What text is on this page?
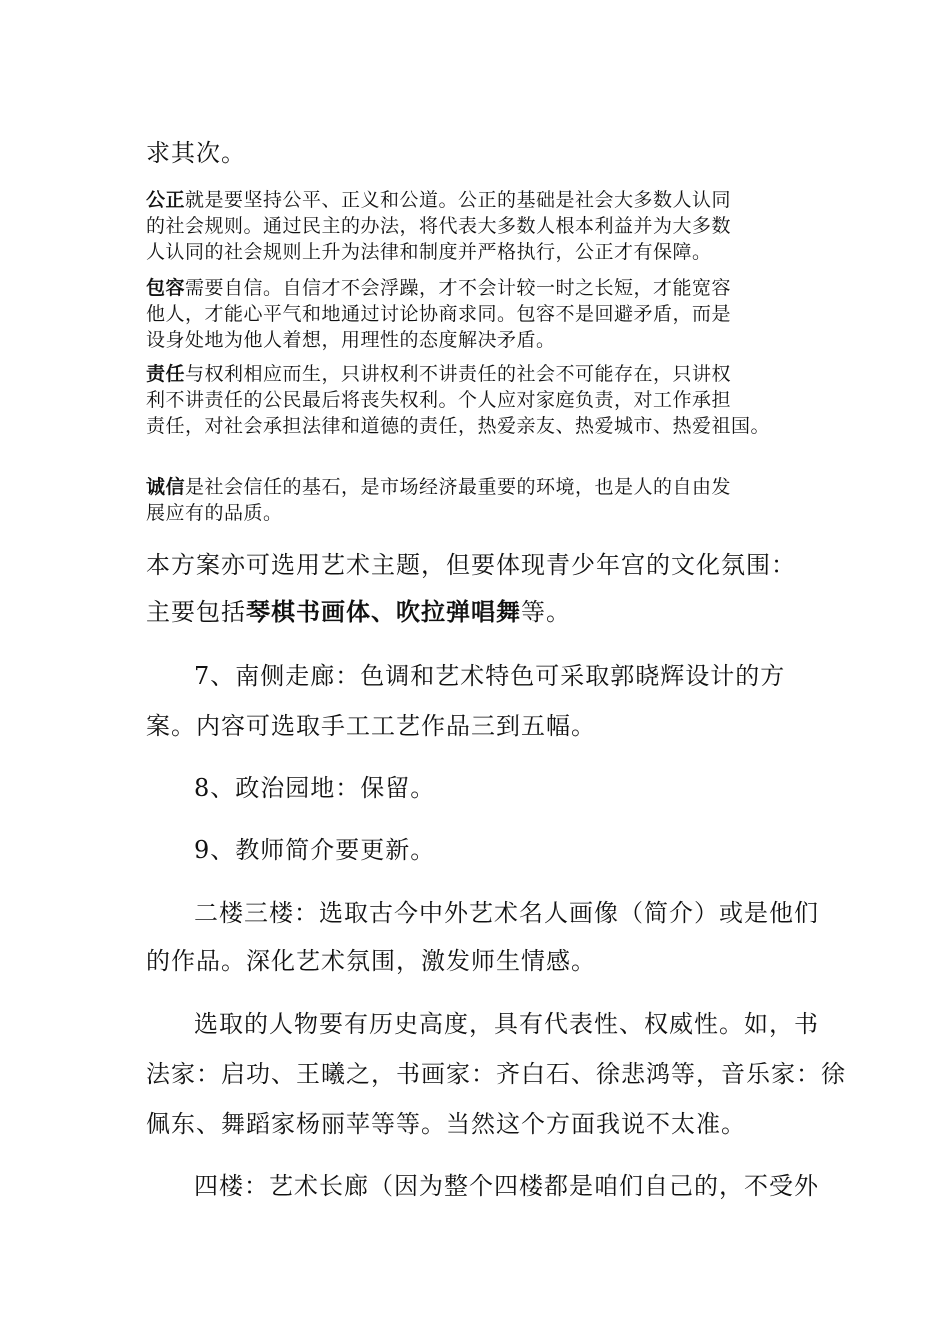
求其次。
公正就是要坚持公平、正义和公道。公正的基础是社会大多数人认同
的社会规则。通过民主的办法，将代表大多数人根本利益并为大多数
人认同的社会规则上升为法律和制度并严格执行，公正才有保障。
包容需要自信。自信才不会浮躁，才不会计较一时之长短，才能宽容
他人，才能心平气和地通过讨论协商求同。包容不是回避矛盾，而是
设身处地为他人着想，用理性的态度解决矛盾。
责任与权利相应而生，只讲权利不讲责任的社会不可能存在，只讲权
利不讲责任的公民最后将丧失权利。个人应对家庭负责，对工作承担
责任，对社会承担法律和道德的责任，热爱亲友、热爱城市、热爱祖国。
诚信是社会信任的基石，是市场经济最重要的环境，也是人的自由发
展应有的品质。
本方案亦可选用艺术主题，但要体现青少年宫的文化氛围：
主要包括琴棋书画体、吹拉弹唱舞等。
7、南侧走廊：色调和艺术特色可采取郭晓辉设计的方
案。内容可选取手工工艺作品三到五幅。
8、政治园地：保留。
9、教师简介要更新。
二楼三楼：选取古今中外艺术名人画像（简介）或是他们
的作品。深化艺术氛围，激发师生情感。
选取的人物要有历史高度，具有代表性、权威性。如，书
法家：启功、王曦之，书画家：齐白石、徐悲鸿等，音乐家：徐
佩东、舞蹈家杨丽苹等等。当然这个方面我说不太准。
四楼：艺术长廊（因为整个四楼都是咱们自己的，不受外
